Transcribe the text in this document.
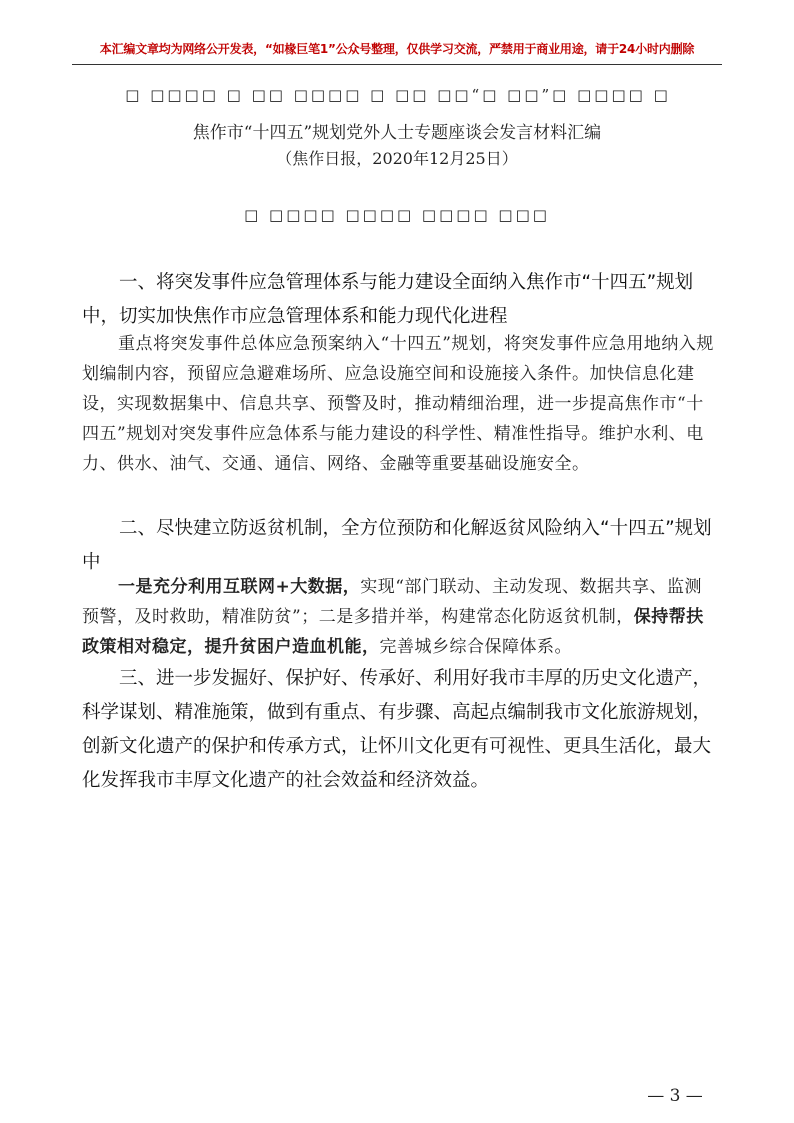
本汇编文章均为网络公开发表，“如椽巨笔1”公众号整理，仅供学习交流，严禁用于商业用途，请于24小时内删除
□ □□□□ □ □□ □□□□ □ □□ □□“□ □□”□ □□□□ □
焦作市“十四五”规划党外人士专题座谈会发言材料汇编
（焦作日报，2020年12月25日）
□ □□□□ □□□□ □□□□ □□□
一、将突发事件应急管理体系与能力建设全面纳入焦作市“十四五”规划中，切实加快焦作市应急管理体系和能力现代化进程
重点将突发事件总体应急预案纳入“十四五”规划，将突发事件应急用地纳入规划编制内容，预留应急避难场所、应急设施空间和设施接入条件。加快信息化建设，实现数据集中、信息共享、预警及时，推动精细治理，进一步提高焦作市“十四五”规划对突发事件应急体系与能力建设的科学性、精准性指导。维护水利、电力、供水、油气、交通、通信、网络、金融等重要基础设施安全。
二、尽快建立防返贫机制，全方位预防和化解返贫风险纳入“十四五”规划中
一是充分利用互联网+大数据，实现“部门联动、主动发现、数据共享、监测预警，及时救助，精准防贫”；二是多措并举，构建常态化防返贫机制，保持帮扶政策相对稳定，提升贫困户造血机能，完善城乡综合保障体系。
三、进一步发掘好、保护好、传承好、利用好我市丰厚的历史文化遗产，科学谋划、精准施策，做到有重点、有步骤、高起点编制我市文化旅游规划，创新文化遗产的保护和传承方式，让怀川文化更有可视性、更具生活化，最大化发挥我市丰厚文化遗产的社会效益和经济效益。
— 3 —
